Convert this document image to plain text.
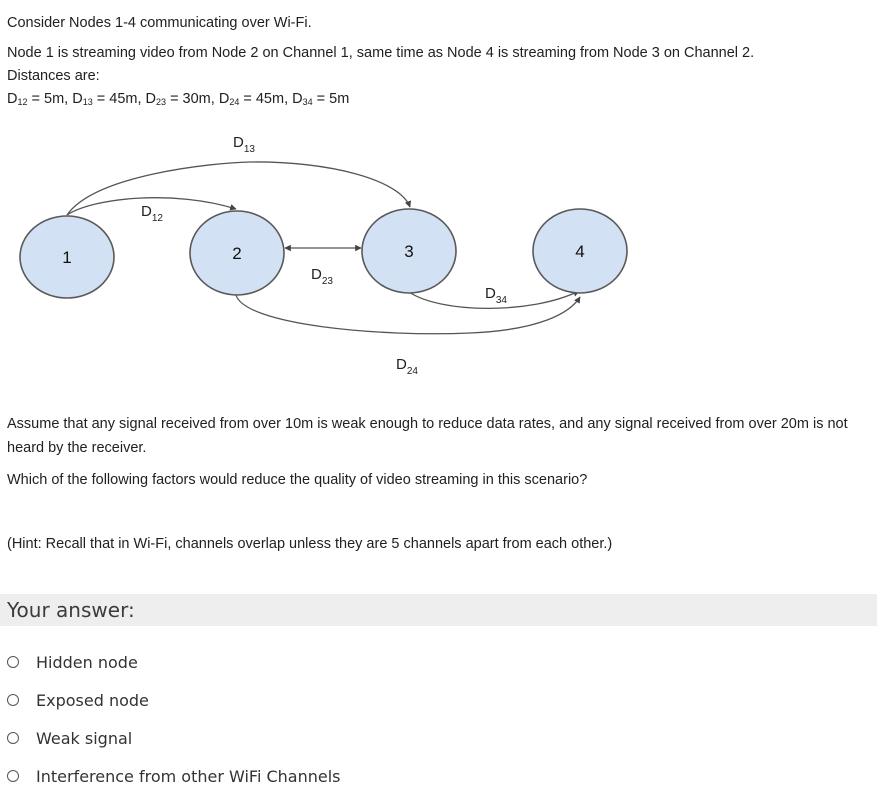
Consider Nodes 1-4 communicating over Wi-Fi.

Node 1 is streaming video from Node 2 on Channel 1, same time as Node 4 is streaming from Node 3 on Channel 2.

Distances are:

$D_{12} = 5m$, $D_{13} = 45m$, $D_{23} = 30m$, $D_{24} = 45m$, $D_{34} = 5m$

1	2	3	4
$D_{13}$
$D_{12}$
$D_{23}$
$D_{34}$
$D_{24}$

Assume that any signal received from over 10m is weak enough to reduce data rates, and any signal received from over 20m is not

heard by the receiver.

Which of the following factors would reduce the quality of video streaming in this scenario?

(Hint: Recall that in Wi-Fi, channels overlap unless they are 5 channels apart from each other.)

Your answer:
Hidden node
Exposed node
Weak signal
Interference from other WiFi Channels
